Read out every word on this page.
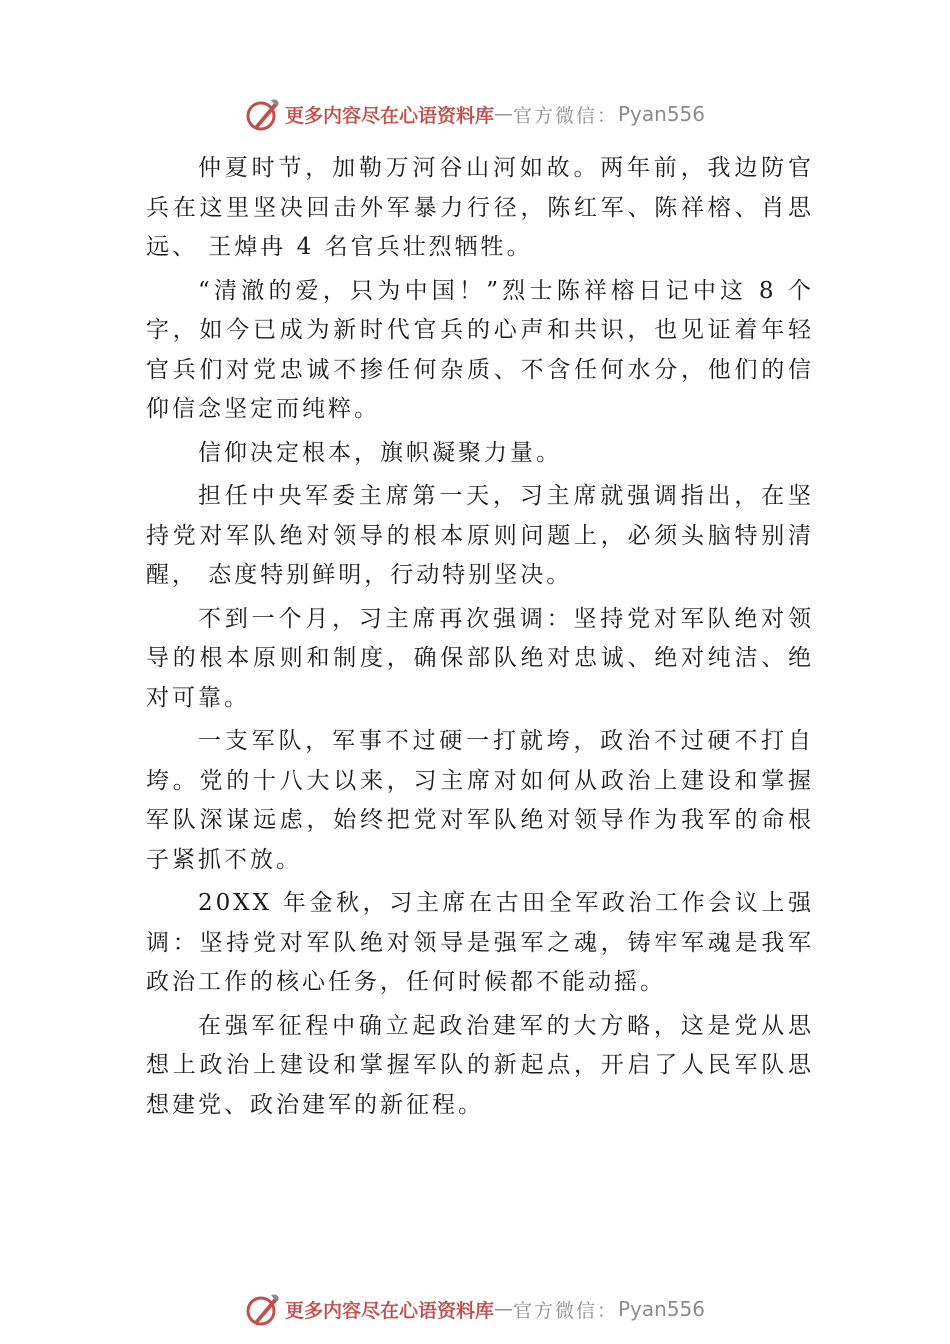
更多内容尽在心语资料库 — 官方微信： Pyan556

仲夏时节，加勒万河谷山河如故。两年前，我边防官兵在这里坚决回击外军暴力行径，陈红军、陈祥榕、肖思远、 王焯冉 4 名官兵壮烈牺牲。

“清澈的爱，只为中国！”烈士陈祥榕日记中这 8 个字，如今已成为新时代官兵的心声和共识，也见证着年轻官兵们对党忠诚不掺任何杂质、不含任何水分，他们的信仰信念坚定而纯粹。

信仰决定根本，旗帜凝聚力量。

担任中央军委主席第一天，习主席就强调指出，在坚持党对军队绝对领导的根本原则问题上，必须头脑特别清醒， 态度特别鲜明，行动特别坚决。

不到一个月，习主席再次强调：坚持党对军队绝对领导的根本原则和制度，确保部队绝对忠诚、绝对纯洁、绝对可靠。

一支军队，军事不过硬一打就垮，政治不过硬不打自垮。党的十八大以来，习主席对如何从政治上建设和掌握军队深谋远虑，始终把党对军队绝对领导作为我军的命根子紧抓不放。

20XX 年金秋，习主席在古田全军政治工作会议上强调：坚持党对军队绝对领导是强军之魂，铸牢军魂是我军政治工作的核心任务，任何时候都不能动摇。

在强军征程中确立起政治建军的大方略，这是党从思想上政治上建设和掌握军队的新起点，开启了人民军队思想建党、政治建军的新征程。

更多内容尽在心语资料库 — 官方微信： Pyan556
